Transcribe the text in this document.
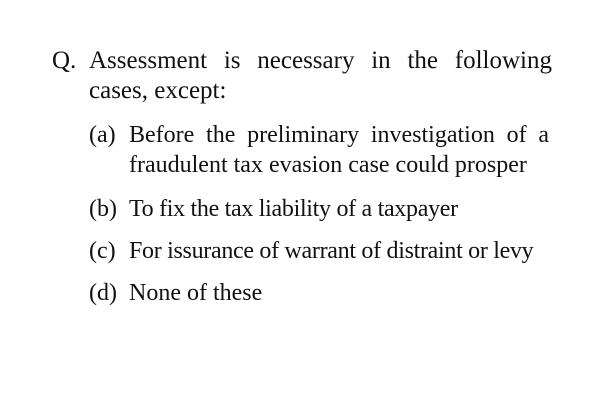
Q. Assessment is necessary in the following cases, except:
(a) Before the preliminary investigation of a fraudulent tax evasion case could prosper
(b) To fix the tax liability of a taxpayer
(c) For issurance of warrant of distraint or levy
(d) None of these
